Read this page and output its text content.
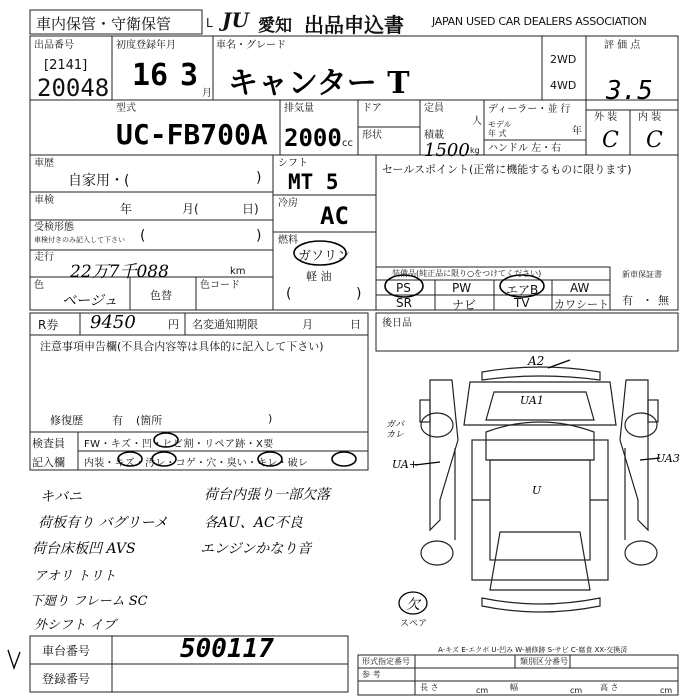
車内保管・守衛保管	L JU 愛知 出品申込書	JAPAN USED CAR DEALERS ASSOCIATION
出品番号
[2141]
20048
初度登録年月
16 3
月
車名・グレード
キャンター T
2WD
4WD
評 価 点
3.5
外 装 内 装
C C
型式
UC-FB700A
排気量
2000 cc
ドア
形状
定員
人
積載
1500 kg
ディーラー・並 行
モデル
年 式	年
ハンドル 左・右
車歴
自家用・(	)
車検
年	月(	日)
受検形態
車検付きのみ記入して下さい (	)
走行
22万7千088	km
色
ベージュ	色替
色コード
シフト
MT 5
冷房 AC
燃料
ガソリン
軽 油
(	)
セールスポイント(正常に機能するものに限ります)
装備品(純正品に限り○をつけてください)
PS	PW	エアB	AW
SR	ナビ	TV カワシート
新車保証書
有 ・ 無
R券 9450	円 名変通知期限	月	日 後日品
注意事項申告欄(不具合内容等は具体的に記入して下さい)
修復歴	有 (箇所	)
検査員 FW・キズ・凹・ヒビ割・リペア跡・X要
記入欄 内装・キズ・汚レ・コゲ・穴・臭い・キレ・破レ
キバニ	荷台内張り一部欠落
荷板有り バグリーメ	各AU、AC不良
荷台床板凹 AVS	エンジンかなり音
アオリ トリト
下廻り フレーム SC
外シフト イブ
A2
UA1
UA+	UA3
U
ガバ カレ
欠
スペア
A-キズ E-エクボ U-凹み W-補修跡 S-サビ C-腐食 XX-交換済
車台番号	500117
登録番号
形式指定番号	類別区分番号
参 考
長 さ	cm	幅	cm 高 さ	cm
